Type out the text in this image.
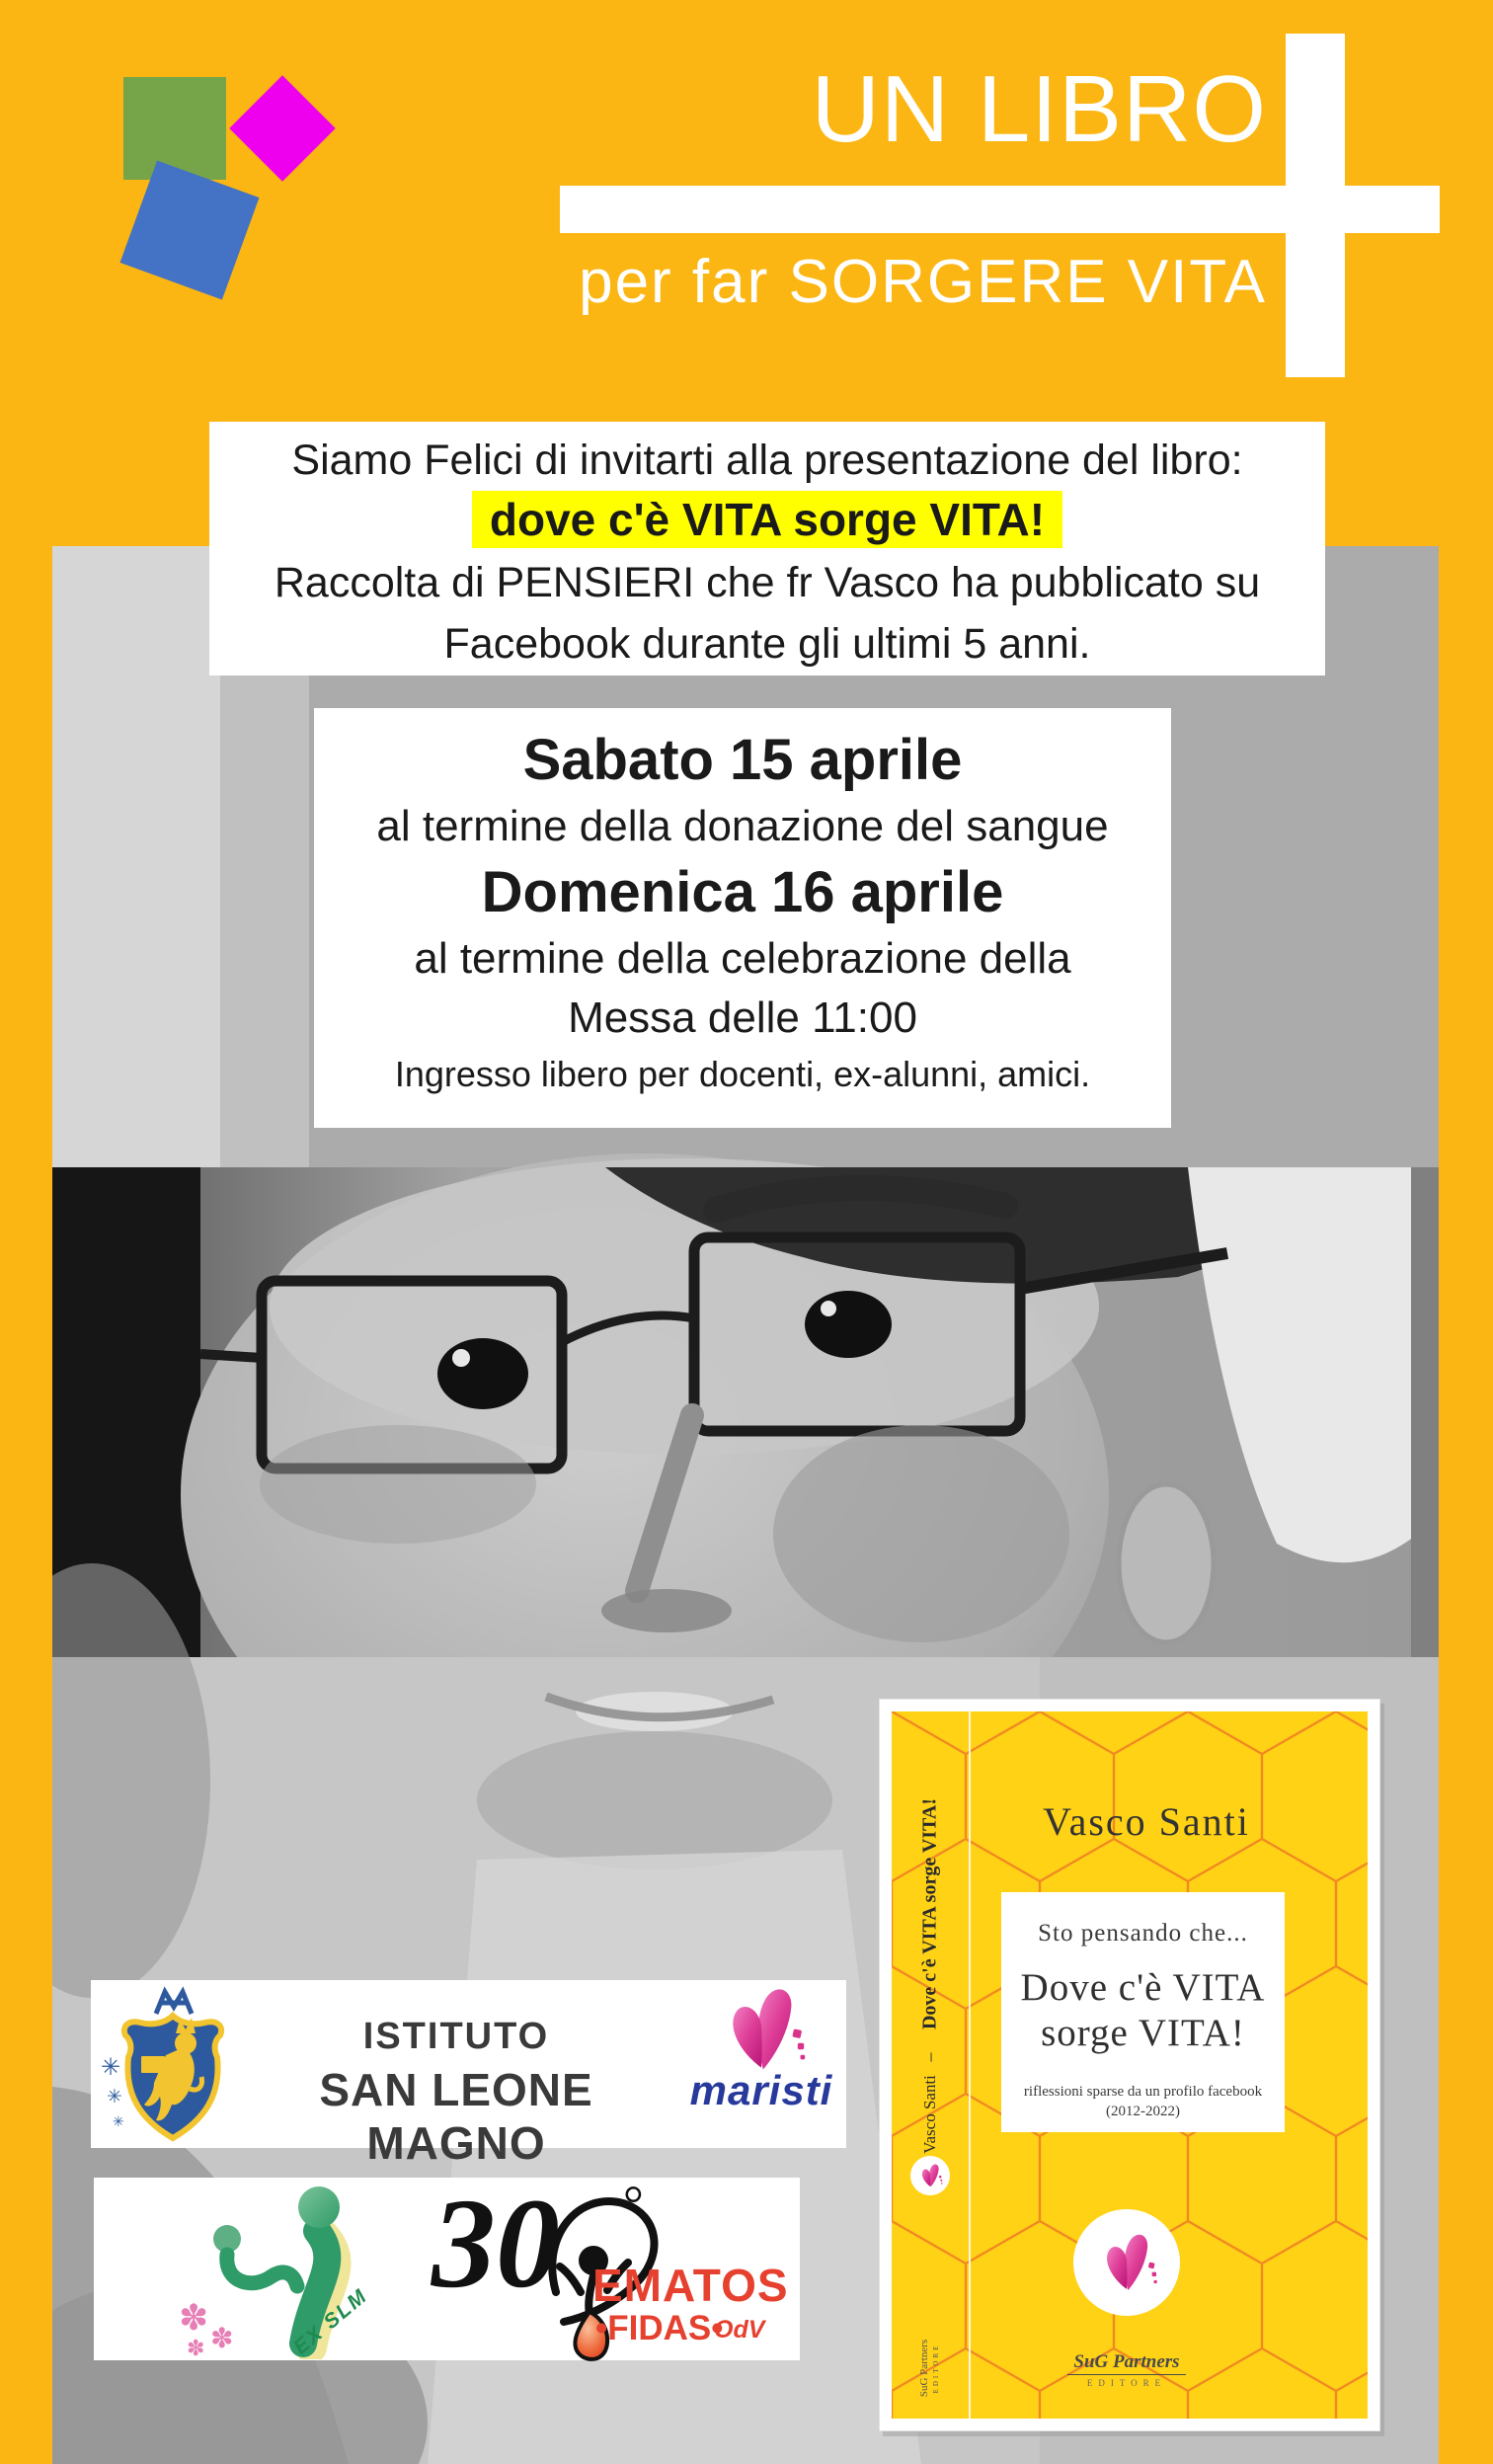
UN LIBRO
per far SORGERE VITA
Siamo Felici di invitarti alla presentazione del libro:
dove c'è VITA sorge VITA!
Raccolta di PENSIERI che fr Vasco ha pubblicato su
Facebook durante gli ultimi 5 anni.
Sabato 15 aprile
al termine della donazione del sangue
Domenica 16 aprile
al termine della celebrazione della
Messa delle 11:00
Ingresso libero per docenti, ex-alunni, amici.
Dove c'è VITA sorge VITA!
–
Vasco Santi
SuG Partners EDITORE
Vasco Santi
Sto pensando che...
Dove c'è VITA
sorge VITA!
riflessioni sparse da un profilo facebook
(2012-2022)
SuG Partners
EDITORE
✳
✳
✳
ISTITUTO
SAN LEONE MAGNO
maristi
✽
✽
✽	EX SLM
30 °
EMATOS
•FIDAS•
OdV
